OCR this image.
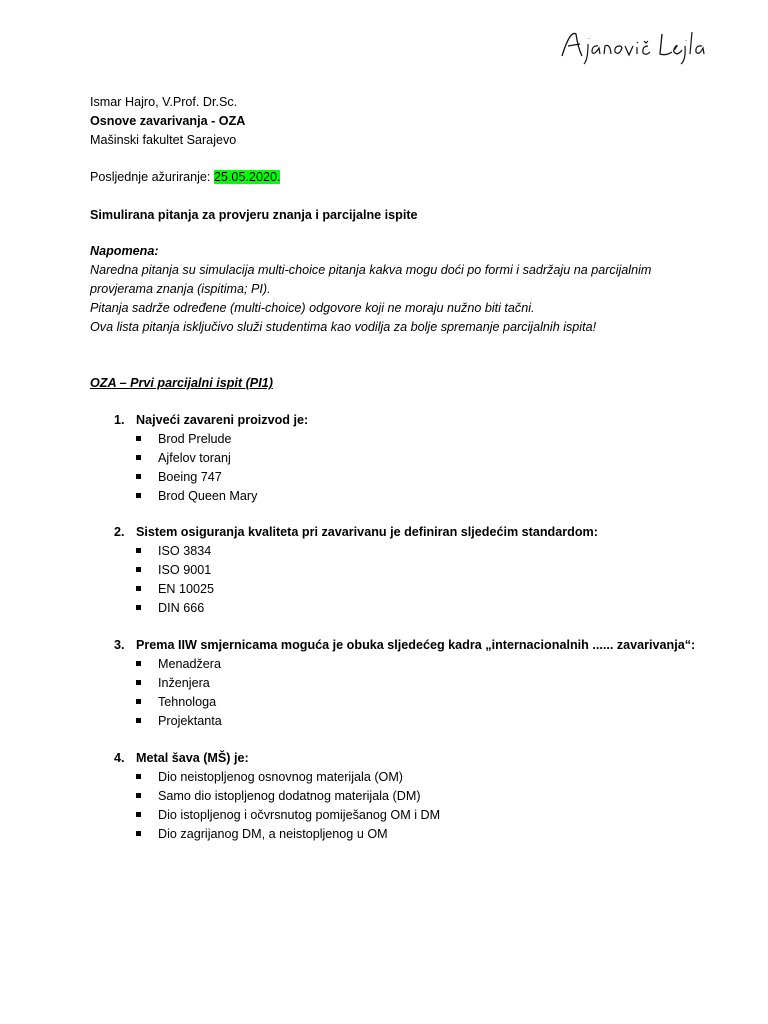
Ismar Hajro, V.Prof. Dr.Sc.
Osnove zavarivanja - OZA
Mašinski fakultet Sarajevo
Posljednje ažuriranje: 25.05.2020.
Simulirana pitanja za provjeru znanja i parcijalne ispite
Napomena:
Naredna pitanja su simulacija multi-choice pitanja kakva mogu doći po formi i sadržaju na parcijalnim
provjerama znanja (ispitima; PI).
Pitanja sadrže određene (multi-choice) odgovore koji ne moraju nužno biti tačni.
Ova lista pitanja isključivo služi studentima kao vodilja za bolje spremanje parcijalnih ispita!
OZA – Prvi parcijalni ispit (PI1)
1. Najveći zavareni proizvod je:
Brod Prelude
Ajfelov toranj
Boeing 747
Brod Queen Mary
2. Sistem osiguranja kvaliteta pri zavarivanu je definiran sljedećim standardom:
ISO 3834
ISO 9001
EN 10025
DIN 666
3. Prema IIW smjernicama moguća je obuka sljedećeg kadra „internacionalnih ...... zavarivanja“:
Menadžera
Inženjera
Tehnologa
Projektanta
4. Metal šava (MŠ) je:
Dio neistopljenog osnovnog materijala (OM)
Samo dio istopljenog dodatnog materijala (DM)
Dio istopljenog i očvrsnutog pomiješanog OM i DM
Dio zagrijanog DM, a neistopljenog u OM
